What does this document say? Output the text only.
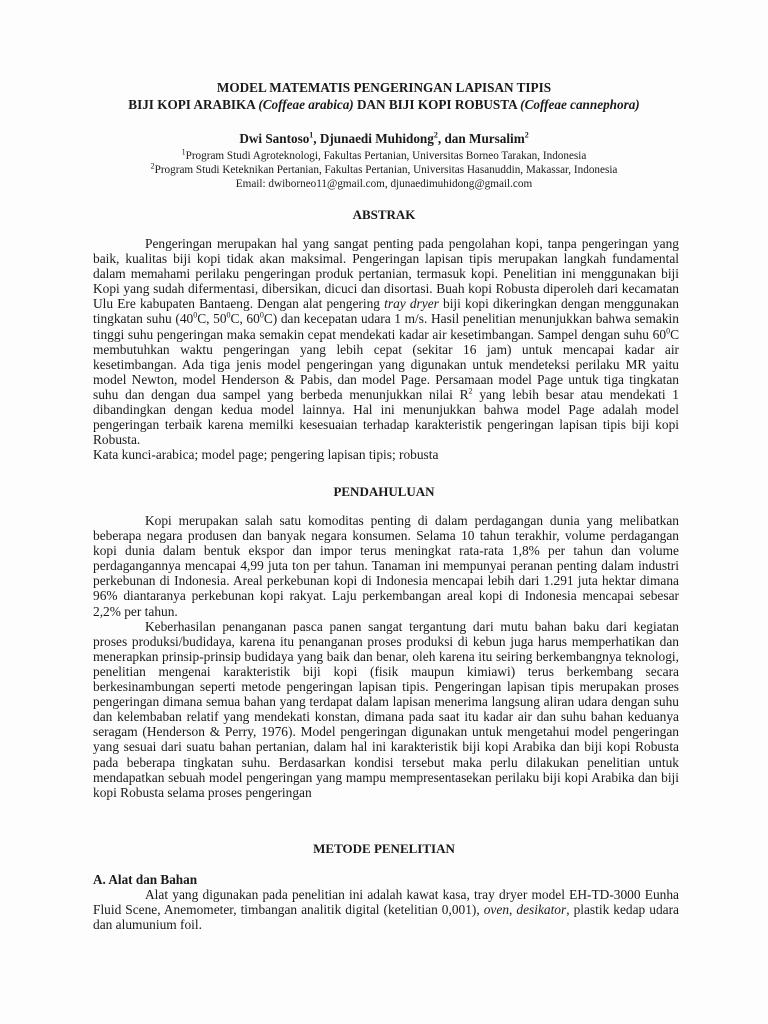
MODEL MATEMATIS PENGERINGAN LAPISAN TIPIS
BIJI KOPI ARABIKA (Coffeae arabica) DAN BIJI KOPI ROBUSTA (Coffeae cannephora)
Dwi Santoso$^1$, Djunaedi Muhidong$^2$, dan Mursalim$^2$
$^1$Program Studi Agroteknologi, Fakultas Pertanian, Universitas Borneo Tarakan, Indonesia
$^2$Program Studi Keteknikan Pertanian, Fakultas Pertanian, Universitas Hasanuddin, Makassar, Indonesia
Email: dwiborneo11@gmail.com, djunaedimuhidong@gmail.com
ABSTRAK

Pengeringan merupakan hal yang sangat penting pada pengolahan kopi, tanpa pengeringan yang baik, kualitas biji kopi tidak akan maksimal. Pengeringan lapisan tipis merupakan langkah fundamental dalam memahami perilaku pengeringan produk pertanian, termasuk kopi. Penelitian ini menggunakan biji Kopi yang sudah difermentasi, dibersikan, dicuci dan disortasi. Buah kopi Robusta diperoleh dari kecamatan Ulu Ere kabupaten Bantaeng. Dengan alat pengering tray dryer biji kopi dikeringkan dengan menggunakan tingkatan suhu ($40^0C$, $50^0C$, $60^0C$) dan kecepatan udara 1 m/s. Hasil penelitian menunjukkan bahwa semakin tinggi suhu pengeringan maka semakin cepat mendekati kadar air kesetimbangan. Sampel dengan suhu $60^0C$ membutuhkan waktu pengeringan yang lebih cepat (sekitar 16 jam) untuk mencapai kadar air kesetimbangan. Ada tiga jenis model pengeringan yang digunakan untuk mendeteksi perilaku MR yaitu model Newton, model Henderson & Pabis, dan model Page. Persamaan model Page untuk tiga tingkatan suhu dan dengan dua sampel yang berbeda menunjukkan nilai $R^2$ yang lebih besar atau mendekati 1 dibandingkan dengan kedua model lainnya. Hal ini menunjukkan bahwa model Page adalah model pengeringan terbaik karena memilki kesesuaian terhadap karakteristik pengeringan lapisan tipis biji kopi Robusta.

Kata kunci-arabica; model page; pengering lapisan tipis; robusta

PENDAHULUAN

Kopi merupakan salah satu komoditas penting di dalam perdagangan dunia yang melibatkan beberapa negara produsen dan banyak negara konsumen. Selama 10 tahun terakhir, volume perdagangan kopi dunia dalam bentuk ekspor dan impor terus meningkat rata-rata 1,8% per tahun dan volume perdagangannya mencapai 4,99 juta ton per tahun. Tanaman ini mempunyai peranan penting dalam industri perkebunan di Indonesia. Areal perkebunan kopi di Indonesia mencapai lebih dari 1.291 juta hektar dimana 96% diantaranya perkebunan kopi rakyat. Laju perkembangan areal kopi di Indonesia mencapai sebesar 2,2% per tahun.

Keberhasilan penanganan pasca panen sangat tergantung dari mutu bahan baku dari kegiatan proses produksi/budidaya, karena itu penanganan proses produksi di kebun juga harus memperhatikan dan menerapkan prinsip-prinsip budidaya yang baik dan benar, oleh karena itu seiring berkembangnya teknologi, penelitian mengenai karakteristik biji kopi (fisik maupun kimiawi) terus berkembang secara berkesinambungan seperti metode pengeringan lapisan tipis. Pengeringan lapisan tipis merupakan proses pengeringan dimana semua bahan yang terdapat dalam lapisan menerima langsung aliran udara dengan suhu dan kelembaban relatif yang mendekati konstan, dimana pada saat itu kadar air dan suhu bahan keduanya seragam (Henderson & Perry, 1976). Model pengeringan digunakan untuk mengetahui model pengeringan yang sesuai dari suatu bahan pertanian, dalam hal ini karakteristik biji kopi Arabika dan biji kopi Robusta pada beberapa tingkatan suhu. Berdasarkan kondisi tersebut maka perlu dilakukan penelitian untuk mendapatkan sebuah model pengeringan yang mampu mempresentasekan perilaku biji kopi Arabika dan biji kopi Robusta selama proses pengeringan

METODE PENELITIAN
A. Alat dan Bahan

Alat yang digunakan pada penelitian ini adalah kawat kasa, tray dryer model EH-TD-3000 Eunha Fluid Scene, Anemometer, timbangan analitik digital (ketelitian 0,001), oven, desikator, plastik kedap udara dan alumunium foil.
